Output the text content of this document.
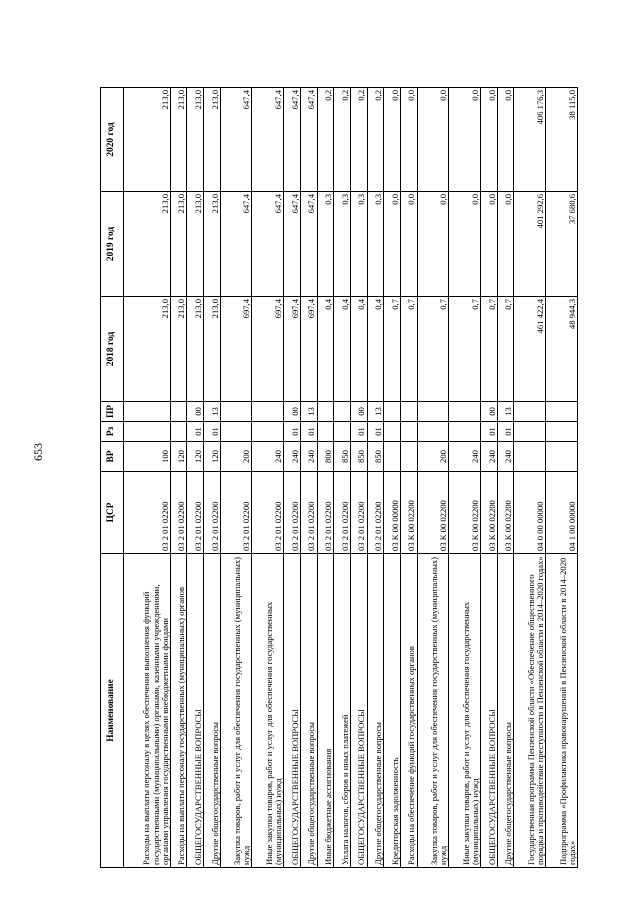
653
Наименование	ЦСР	ВР	Рз	ПР	2018 год	2019 год	2020 год
Расходы на выплаты персоналу в целях обеспечения выполнения функций государственными (муниципальными) органами, казенными учреждениями, органами управления государственными внебюджетными фондами	03 2 01 02200	100			213,0	213,0	213,0
Расходы на выплаты персоналу государственных (муниципальных) органов	03 2 01 02200	120			213,0	213,0	213,0
ОБЩЕГОСУДАРСТВЕННЫЕ ВОПРОСЫ	03 2 01 02200	120	01	00	213,0	213,0	213,0
Другие общегосударственные вопросы	03 2 01 02200	120	01	13	213,0	213,0	213,0
Закупка товаров, работ и услуг для обеспечения государственных (муниципальных) нужд	03 2 01 02200	200			697,4	647,4	647,4
Иные закупки товаров, работ и услуг для обеспечения государственных (муниципальных) нужд	03 2 01 02200	240			697,4	647,4	647,4
ОБЩЕГОСУДАРСТВЕННЫЕ ВОПРОСЫ	03 2 01 02200	240	01	00	697,4	647,4	647,4
Другие общегосударственные вопросы	03 2 01 02200	240	01	13	697,4	647,4	647,4
Иные бюджетные ассигнования	03 2 01 02200	800			0,4	0,3	0,2
Уплата налогов, сборов и иных платежей	03 2 01 02200	850			0,4	0,3	0,2
ОБЩЕГОСУДАРСТВЕННЫЕ ВОПРОСЫ	03 2 01 02200	850	01	00	0,4	0,3	0,2
Другие общегосударственные вопросы	03 2 01 02200	850	01	13	0,4	0,3	0,2
Кредиторская задолженность	03 К 00 00000				0,7	0,0	0,0
Расходы на обеспечение функций государственных органов	03 К 00 02200				0,7	0,0	0,0
Закупка товаров, работ и услуг для обеспечения государственных (муниципальных) нужд	03 К 00 02200	200			0,7	0,0	0,0
Иные закупки товаров, работ и услуг для обеспечения государственных (муниципальных) нужд	03 К 00 02200	240			0,7	0,0	0,0
ОБЩЕГОСУДАРСТВЕННЫЕ ВОПРОСЫ	03 К 00 02200	240	01	00	0,7	0,0	0,0
Другие общегосударственные вопросы	03 К 00 02200	240	01	13	0,7	0,0	0,0
Государственная программа Пензенской области «Обеспечение общественного порядка и противодействие преступности в Пензенской области в 2014–2020 годах»	04 0 00 00000				461 422,4	401 292,6	406 176,3
Подпрограмма «Профилактика правонарушений в Пензенской области в 2014–2020 годах»	04 1 00 00000				48 944,3	37 680,6	38 115,0
